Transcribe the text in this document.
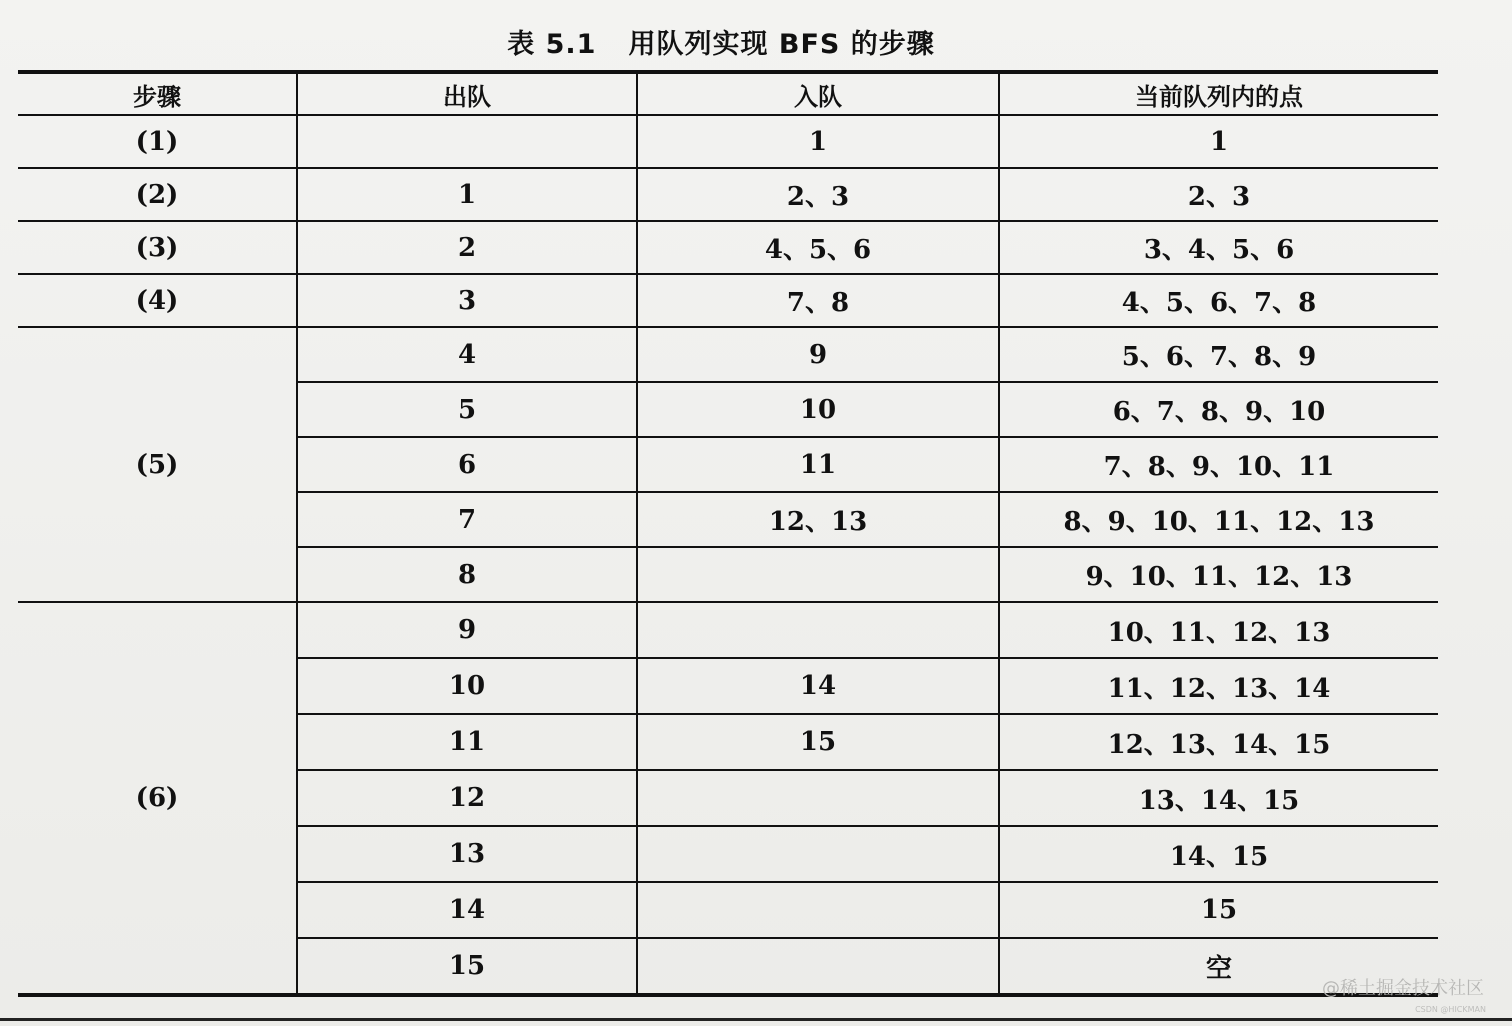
表 5.1 用队列实现 BFS 的步骤
步骤	出队	入队	当前队列内的点
(1)		1	1
(2)	1	2、3	2、3
(3)	2	4、5、6	3、4、5、6
(4)	3	7、8	4、5、6、7、8
(5)	4	9	5、6、7、8、9
	5	10	6、7、8、9、10
	6	11	7、8、9、10、11
	7	12、13	8、9、10、11、12、13
	8		9、10、11、12、13
(6)	9		10、11、12、13
	10	14	11、12、13、14
	11	15	12、13、14、15
	12		13、14、15
	13		14、15
	14		15
	15		空
@稀土掘金技术社区
CSDN @HICKMAN
